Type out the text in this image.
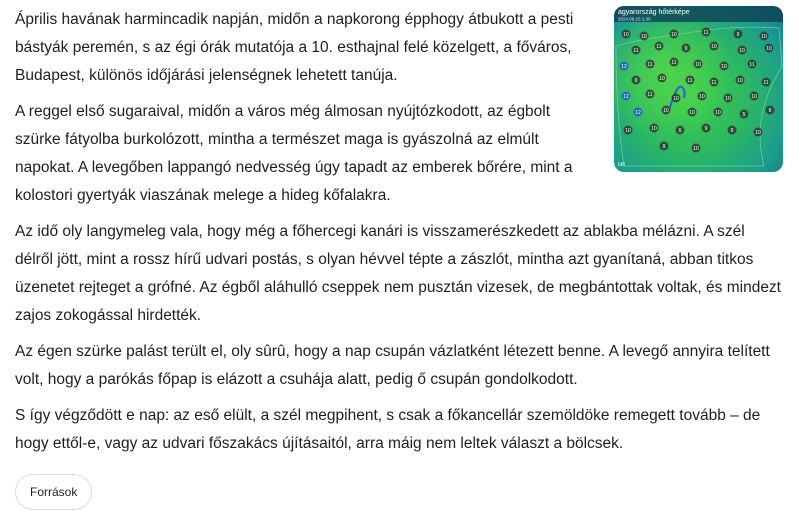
Április havának harmincadik napján, midőn a napkorong épphogy átbukott a pesti bástyák peremén, s az égi órák mutatója a 10. esthajnal felé közelgett, a főváros, Budapest, különös időjárási jelenségnek lehetett tanúja.

A reggel első sugaraival, midőn a város még álmosan nyújtózkodott, az égbolt szürke fátyolba burkolózott, mintha a természet maga is gyászolná az elmúlt napokat. A levegőben lappangó nedvesség úgy tapadt az emberek bőrére, mint a kolostori gyertyák viaszának melege a hideg kőfalakra.

Az idő oly langymeleg vala, hogy még a főhercegi kanári is visszamerészkedett az ablakba mélázni. A szél délről jött, mint a rossz hírű udvari postás, s olyan hévvel tépte a zászlót, mintha azt gyanítaná, abban titkos üzenetet rejteget a grófné. Az égből aláhulló cseppek nem pusztán vizesek, de megbántottak voltak, és mindezt zajos zokogással hirdették.

Az égen szürke palást terült el, oly sûrû, hogy a nap csupán vázlatként létezett benne. A levegő annyira telített volt, hogy a parókás főpap is elázott a csuhája alatt, pedig ő csupán gondolkodott.

S így végződött e nap: az eső elült, a szél megpihent, s csak a főkancellár szemöldöke remegett tovább – de hogy ettől-e, vagy az udvari főszakács újításaitól, arra máig nem leltek választ a bölcsek.

agyarország hőtérképe
2024.09.15 1:30
Idő
10 10	10	11	9	10
11
11	9	10
10	10
12	11	11	10	10	11
9	10	11	11	10	11
12	11
10	10	10	10
12	10	10	10	5
6
10	10	6	9	9	10
9	10
Források
